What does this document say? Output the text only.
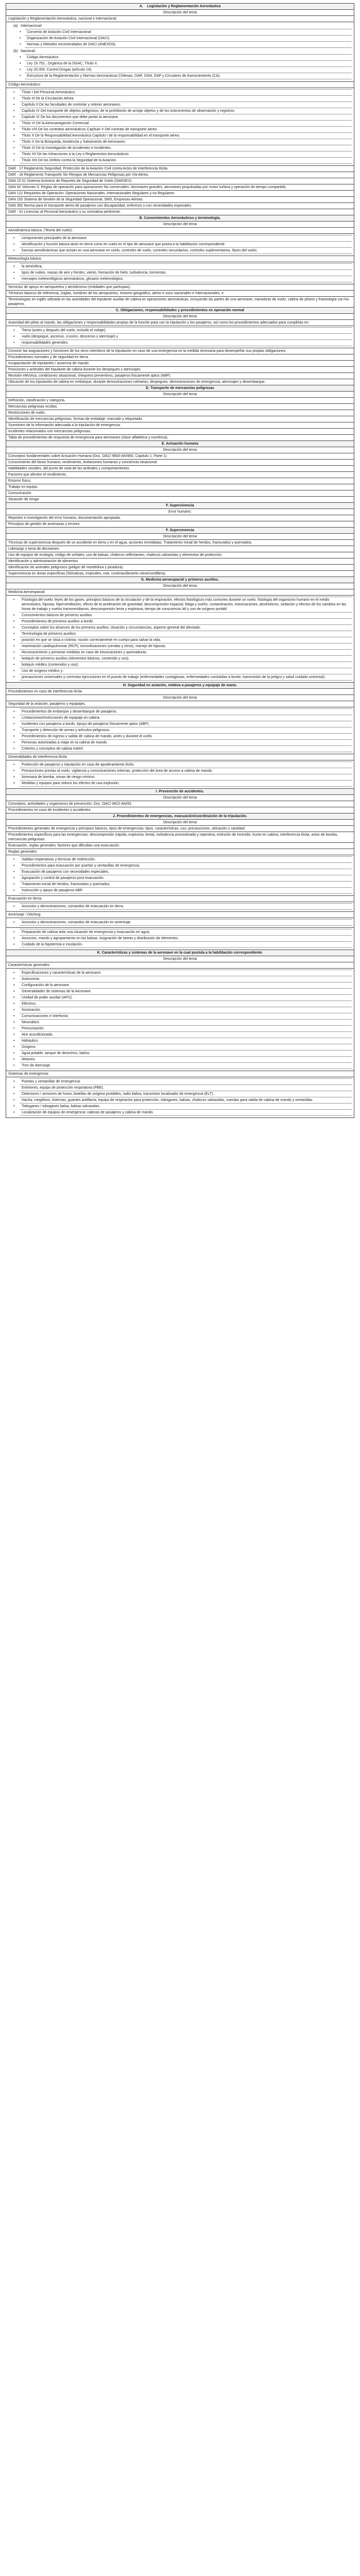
A.    Legislación y Reglamentación Aeronáutica
Descripción del tema
Legislación y Reglamentación Aeronáutica, nacional e internacional.
(a) Internacional:
• Convenio de Aviación Civil Internacional
• Organización de Aviación Civil Internacional (OACI).
• Normas y Métodos recomendados de OACI (ANEXOS).
(b) Nacional:
• Código Aeronáutico.
• Ley 19.752., Orgánica de la DGAC, Título II.
• Ley 20.000, Control Drogas (artículo 14).
• Estructura de la Reglamentación y Normas Aeronáuticas Chilenas: DAR, DAN, DAP y Circulares de Asesoramiento (CA).
Código Aeronáutico:
• Título I Del Personal Aeronáutico;
• Título III De la Circulación Aérea
• Capítulo II De las facultades de controlar y retener aeronaves;
• Capítulo IV Del transporte de objetos peligrosos; de la prohibición de arrojar objetos y de los instrumentos de observación y registros;
• Capítulo VI De los documentos que debe portar la aeronave.
• Título VI De la Aeronavegación Comercial.
• Título VIII De los contratos aeronáuticos Capítulo V Del contrato de transporte aéreo.
• Título X De la Responsabilidad Aeronáutica Capítulo I de la responsabilidad en el transporte aéreo.
• Título X De la Búsqueda, Asistencia y Salvamento de Aeronaves.
• Título XI De la Investigación de Accidentes e Incidentes.
• Título XII De las Infracciones a la Ley o Reglamentos Aeronáuticos
• Título XIII De los Delitos contra la Seguridad de la Aviación.
DAR - 17 Reglamento Seguridad, Protección de la Aviación Civil contra Actos de interferencia Ilícita.
DAR - 18 Reglamento Transporte Sin Riesgos de Mercancías Peligrosas por Vía Aérea.
DAN 15 01 Sistema Anónimo de Reportes de Seguridad de Vuelo (SARSEV).
DAN 92 Volumen II: Reglas de operación para operaciones No comerciales- Aeronaves grandes, aeronaves propulsadas por motor turbina y operación de tiempo compartido.
DAN 121 Requisitos de Operación: Operaciones Nacionales, Internacionales Regulares y no Regulares.
DAN 152 Sistema de Gestión de la Seguridad Operacional, SMS, Empresas Aéreas.
DAN 392 Norma para el transporte aéreo de pasajeros con discapacidad, enfermos o con necesidades especiales.
DAR - 01 Licencias al Personal Aeronáutico y su normativa pertinente.
B. Conocimientos Aeronáuticos y terminología.
Descripción del tema
Aerodinámica básica. (Teoría del vuelo):
• componentes principales de la aeronave.
• identificación y función básica tanto en tierra como en vuelo en el tipo de aeronave que posea a la habilitación correspondiente.
• fuerzas aerodinámicas que actúan en una aeronave en vuelo, controles de vuelo, controles secundarios, controles suplementarios, fases del vuelo;
Meteorología básica:
• la atmósfera,
• tipos de nubes, masas de aire y frentes, viento, formación de hielo, turbulencia, tormentas.
• mensajes meteorológicos aeronáuticos, glosario meteorológico.
Servicios de apoyo en aeropuertos y aeródromos (entidades que participan).
Términos básicos de referencia, (siglas, nombres de los aeropuertos, entorno geográfico, aéreo e usos nacionales e internacionales, e
Terminologías en inglés utilizada en las actividades del tripulante auxiliar de cabina en operaciones aeronáuticas, incluyendo las partes de una aeronave, maniobras de vuelo, cabina de pilotos y fraseología con los pasajeros.
C. Obligaciones, responsabilidades y procedimientos en operación normal
Descripción del tema
Autoridad del piloto al mando, las obligaciones y responsabilidades propias de la función para con la tripulación y los pasajeros, así como los procedimientos adecuados para cumplirlas en:
• Tierra (antes y después del vuelo, incluido el rodaje);
• vuelo (despegue, ascenso, crucero, descenso y aterrizaje) y
• responsabilidades generales.
Conocer las asignaciones y funciones de los otros miembros de la tripulación en caso de una emergencia en la medida necesaria para desempeñar sus propias obligaciones.
Procedimientos normales y de seguridad en tierra.
Incapacitación de tripulantes / ausencia de mando.
Posiciones y actitudes del tripulante de cabina durante los despegues y aterrizajes.
Revisión eléctrica, condiciones situacional, chequeos preventivos, pasajeros fisicamente aptos (ABP).
Ubicación de los tripulantes de cabina en embarque, durante demostraciones rutinarias, despegues, demostraciones de emergencia, aterrizajes y desembarque.
D. Transporte de mercancías peligrosas
Descripción del tema
Definición, clasificación y categoría.
Mercancías peligrosas ocultas.
Restricciones de vuelo.
Identificación de mercancías peligrosas, formas de embalaje, marcado y etiquetado.
Suministro de la información adecuada a la tripulación de emergencia.
Incidentes relacionados con mercancías peligrosas.
Tabla de procedimientos de respuesta de emergencia para aeronaves (clave alfabética y numérica).
E. Actuación humana
Descripción del tema
Conceptos fundamentales sobre Actuación Humana (Doc. OACI 9683-AN/950, Capítulo 1, Parte 1).
Conocimiento del factor humano; rendimiento, limitaciones humanas y conciencia situacional.
Habilidades sociales, del punto de vista de las actitudes y comportamientos.
Factores que afecten el rendimiento.
Entorno físico.
Trabajo en equipo.
Comunicación
Situación de riesgo
F. Supervivencia
Error humano:
Reportes e investigación del error humano, documentación apropiada.
Principios de gestión de amenazas y errores.
F. Supervivencia
Descripción del tema
Técnicas de supervivencia después de un accidente en tierra y en el agua, acciones inmediatas. Tratamiento inicial de heridos, fracturados y quemados.
Liderazgo y toma de decisiones
Uso de equipos de ecología, código de señales, uso de balsas, chalecos reflectantes, chalecos salvavidas y elementos de protección.
Identificación y administración de alimentos
Identificación de animales peligrosos (peligro de mordedura y picadura).
Supervivencia en áreas específicas (Selvaticas, tropicales, mar, costeras/desierto nieve/cordillera).
G. Medicina aeroespacial y primeros auxilios.
Descripción del tema
Medicina Aeroespacial:
• Fisiología del vuelo: leyes de los gases, principios básicos de la circulación y de la respiración, efectos fisiológicos más comunes durante un vuelo. fisiología del organismo humano en el medio aeronáutico, hipoxia, hiperventilación, efecto de la aceleración de gravedad, descompresión espacial; fatiga y sueño, contaminación, intoxicaciones, alcoholismo, sedación y efectos de los cambios en las horas de trabajo y vuelos transmeridianos, descompresión lenta y explosiva, tiempo de consciencia útil y uso de oxígeno portátil.
• Conocimientos básicos de primeros auxilios
• Procedimientos de primeros auxilios a bordo
• Conceptos sobre los alcances de los primeros auxilios: situación y circunstancias, aspecto general del afectado,
• Terminología de primeros auxilios;
• posición en que se sitúa a víctima: noción correctamente en cuerpo para salvar la vida.
• reanimación cardiopulmonar (RCP); inmovilizaciones (vendas y otros), manejo de hipoxia;
• Reconocimiento y primeras medidas en caso de intoxicaciones y quemaduras.
• botiquín de primeros auxilios (elementos básicos, contenido y uso);
• botiquín médico (contenidos y uso);
• Uso de oxígeno médico y;
• precauciones universales y correctas ejecuciones en el puesto de trabajo (enfermedades contagiosas, enfermedades contraídas a bordo, transmisión de la peligro y salud cuidado universal).
H. Seguridad en aviación, relativa a pasajeros y equipaje de mano.
Procedimientos en caso de interferencia ilícita
Descripción del tema
Seguridad de la aviación, pasajeros y equipajes.
• Procedimientos de embarque y desembarque de pasajeros.
• Limitaciones/restricciones de equipaje en cabina.
• Incidentes con pasajeros a bordo. Apoyo de pasajeros físicamente aptos (ABP).
• Transporte y detección de armas y artículos peligrosos.
• Procedimientos de ingreso y salida de cabina de mando, antes y durante el vuelo.
• Personas autorizadas a viajar en la cabina de mando.
• Criterios y conceptos de cabina estéril.
Generalidades de interferencia ilícita
• Protección de pasajeros y tripulación en caso de apoderamiento ilícito.
• Precauciones previas al vuelo, vigilancia y comunicaciones internas, protección del área de acceso a cabina de mando.
• Amenaza de bomba, zonas de riesgo mínimo.
• Medidas y equipos para reducir los efectos de una explosión.
I. Prevención de accidentes.
Descripción del tema
Conceptos, actividades y organismos de prevención. Doc. OACI 9422-AN/92.
Procedimientos en caso de incidentes o accidentes.
J. Procedimientos de emergencias, evacuación/coordinación de la tripulación.
Descripción del tema
Procedimientos generales de emergencia y principios básicos, tipos de emergencias, tipos, características, uso, precauciones, ubicación y cantidad.
Procedimientos específicos para las emergencias: descompresión (rápida, explosiva, lenta), turbulencia pronosticada y repentina, extinción de incendio, humo en cabina, interferencia ilícita, aviso de bomba, mercancías peligrosas.
Evacuación, reglas generales: factores que dificultan una evacuación.
Reglas generales:
• Salidas inoperativas y técnicas de redirección.
• Procedimientos para evacuación por puertas y ventanillas de emergencia.
• Evacuación de pasajeros con necesidades especiales.
• Agrupación y control de pasajeros post evacuación.
• Tratamiento inicial de heridos, fracturados y quemados.
• Instrucción y apoyo de pasajeros ABP.
Evacuación en tierra:
• Anuncios y demostraciones, comandos de evacuación en tierra.
Amerizaje / Ditching
• Anuncios y demostraciones, comandos de evacuación en amerizaje.
• Preparación de cabina ante una situación de emergencia y evacuación en agua.
• Anuncios, mando y agrupamiento en las balsas. Asignación de tareas y distribución de elementos.
• Cuidado de la hipotermia e insolación.
K. Características y sistemas de la aeronave en la cual postula a la habilitación correspondiente.
Descripción del tema
Características generales:
• Especificaciones y características de la aeronave.
• Autonomía
• Configuración de la aeronave.
• Generalidades de sistemas de la Aeronave.
• Unidad de poder auxiliar (APU).
• Eléctrico.
• Iluminación.
• Comunicaciones e Interfonía.
• Neumático.
• Presurización.
• Aire acondicionado.
• Hidráulico.
• Oxígeno.
• Agua potable, tanque de desechos, baños.
• Motores.
• Tren de Aterrizaje.
Sistemas de emergencia:
• Puertas y ventanillas de emergencia.
• Extintores, equipo de protección respiratoria (PBE).
• Detectores / sensores de humo, botellas de oxígeno portátiles, radio baliza, transmisor localizador de emergencia (ELT).
• Hacha, megáfono, linternas, guantes antiflama, equipo de respiración para protección, toboganes, balsas, chalecos salvavidas, cuerdas para salida de cabina de mando y ventanillas.
• Toboganes / toboganes balsa, balsas salvavidas.
• Localización de equipos de emergencia: cabinas de pasajeros y cabina de mando.
